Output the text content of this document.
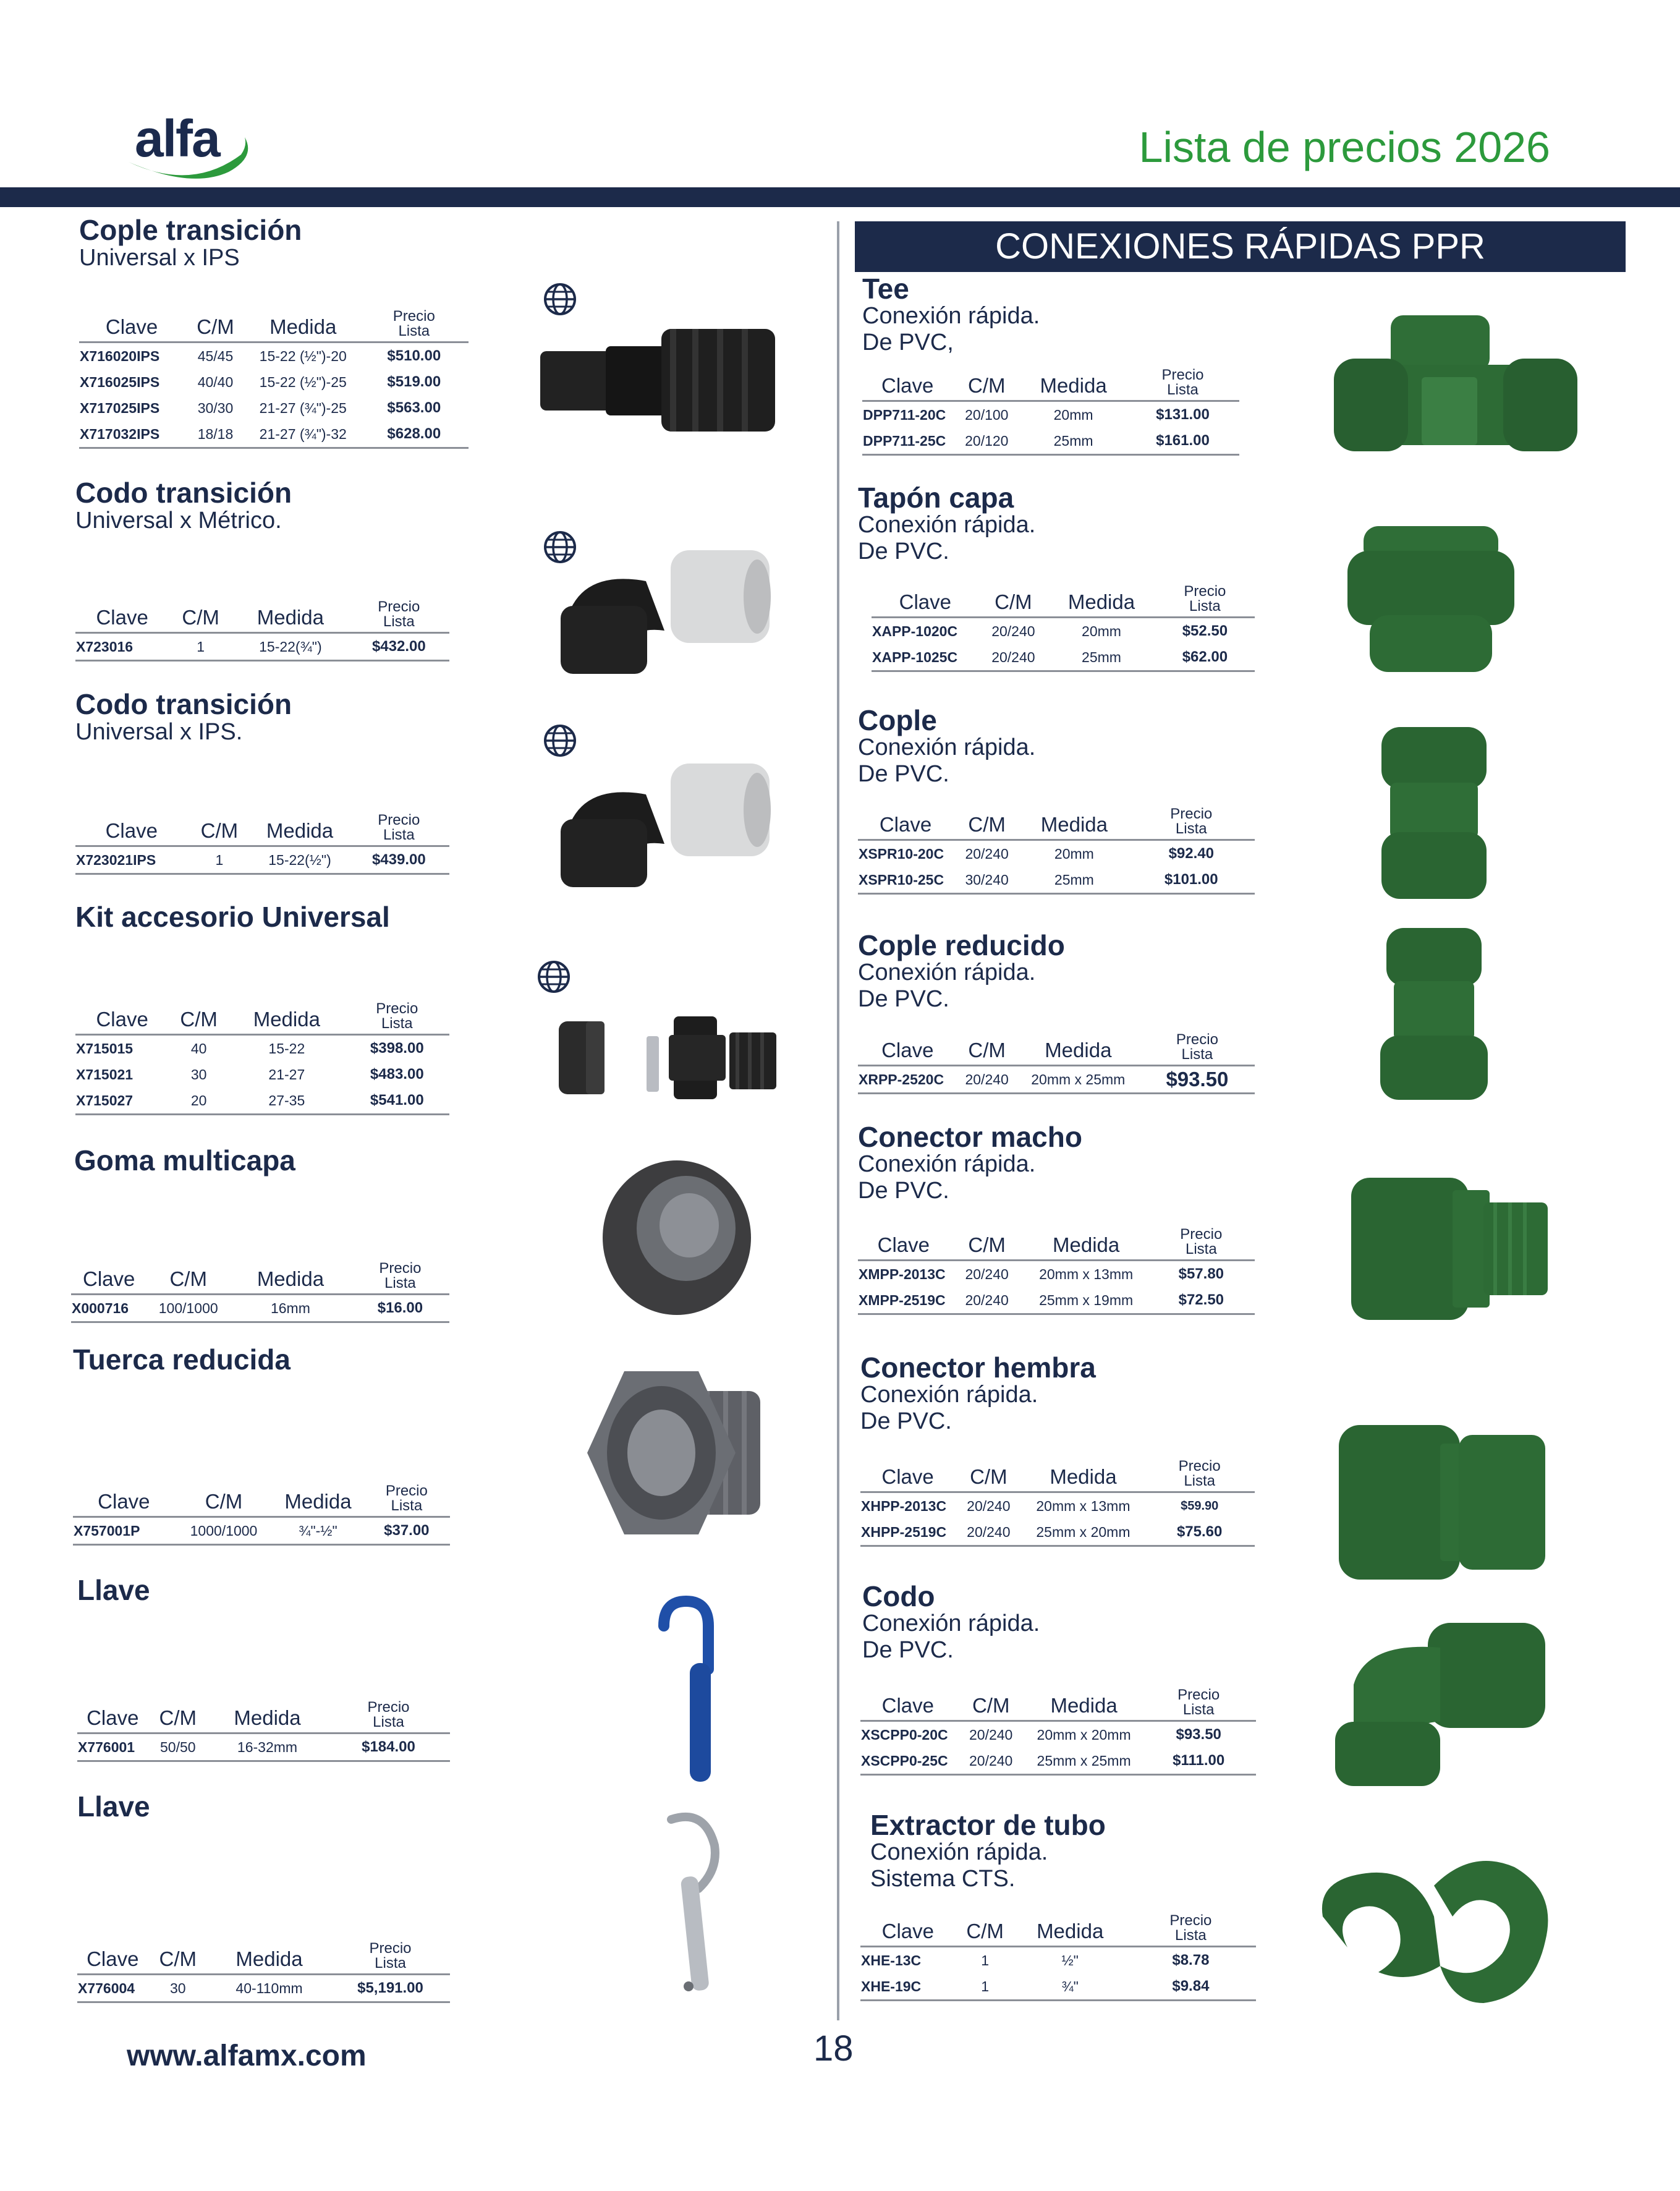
alfa	Lista de precios 2026
CONEXIONES RÁPIDAS PPR
Cople transición
Universal x IPS
Clave	C/M	Medida	Precio
Lista
X716020IPS	45/45	15-22 (½")-20	$510.00
X716025IPS	40/40	15-22 (½")-25	$519.00
X717025IPS	30/30	21-27 (¾")-25	$563.00
X717032IPS	18/18	21-27 (¾")-32	$628.00
Codo transición
Universal x Métrico.
Clave	C/M	Medida	Precio
Lista
X723016	1	15-22(¾")	$432.00
Codo transición
Universal x IPS.
Clave	C/M	Medida	Precio
Lista
X723021IPS	1	15-22(½")	$439.00
Kit accesorio Universal
Clave	C/M	Medida	Precio
Lista
X715015	40	15-22	$398.00
X715021	30	21-27	$483.00
X715027	20	27-35	$541.00
Goma multicapa
Clave	C/M	Medida	Precio
Lista
X000716	100/1000	16mm	$16.00
Tuerca reducida
Clave	C/M	Medida	Precio
Lista
X757001P	1000/1000	¾"-½"	$37.00
Llave
Clave	C/M	Medida	Precio
Lista
X776001	50/50	16-32mm	$184.00
Llave
Clave	C/M	Medida	Precio
Lista
X776004	30	40-110mm	$5,191.00
Tee
Conexión rápida.
De PVC,
Clave	C/M	Medida	Precio
Lista
DPP711-20C	20/100	20mm	$131.00
DPP711-25C	20/120	25mm	$161.00
Tapón capa
Conexión rápida.
De PVC.
Clave	C/M	Medida	Precio
Lista
XAPP-1020C	20/240	20mm	$52.50
XAPP-1025C	20/240	25mm	$62.00
Cople
Conexión rápida.
De PVC.
Clave	C/M	Medida	Precio
Lista
XSPR10-20C	20/240	20mm	$92.40
XSPR10-25C	30/240	25mm	$101.00
Cople reducido
Conexión rápida.
De PVC.
Clave	C/M	Medida	Precio
Lista
XRPP-2520C	20/240	20mm x 25mm	$93.50
Conector macho
Conexión rápida.
De PVC.
Clave	C/M	Medida	Precio
Lista
XMPP-2013C	20/240	20mm x 13mm	$57.80
XMPP-2519C	20/240	25mm x 19mm	$72.50
Conector hembra
Conexión rápida.
De PVC.
Clave	C/M	Medida	Precio
Lista
XHPP-2013C	20/240	20mm x 13mm	$59.90
XHPP-2519C	20/240	25mm x 20mm	$75.60
Codo
Conexión rápida.
De PVC.
Clave	C/M	Medida	Precio
Lista
XSCPP0-20C	20/240	20mm x 20mm	$93.50
XSCPP0-25C	20/240	25mm x 25mm	$111.00
Extractor de tubo
Conexión rápida.
Sistema CTS.
Clave	C/M	Medida	Precio
Lista
XHE-13C	1	½"	$8.78
XHE-19C	1	¾"	$9.84
www.alfamx.com	18
